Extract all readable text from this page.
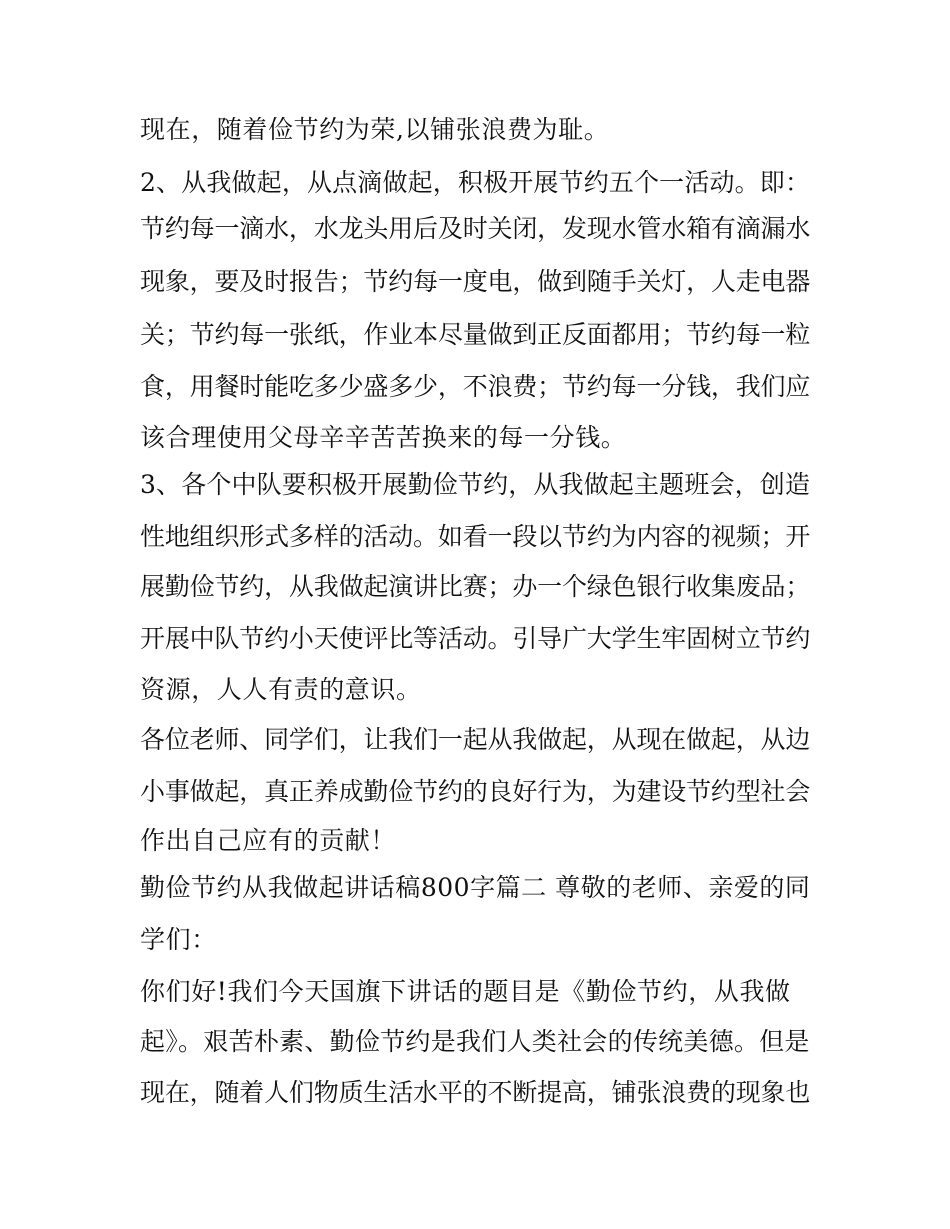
现在，随着俭节约为荣,以铺张浪费为耻。
2、从我做起，从点滴做起，积极开展节约五个一活动。即：
节约每一滴水，水龙头用后及时关闭，发现水管水箱有滴漏水
现象，要及时报告；节约每一度电，做到随手关灯，人走电器
关；节约每一张纸，作业本尽量做到正反面都用；节约每一粒
食，用餐时能吃多少盛多少，不浪费；节约每一分钱，我们应
该合理使用父母辛辛苦苦换来的每一分钱。
3、各个中队要积极开展勤俭节约，从我做起主题班会，创造
性地组织形式多样的活动。如看一段以节约为内容的视频；开
展勤俭节约，从我做起演讲比赛；办一个绿色银行收集废品；
开展中队节约小天使评比等活动。引导广大学生牢固树立节约
资源，人人有责的意识。
各位老师、同学们，让我们一起从我做起，从现在做起，从边
小事做起，真正养成勤俭节约的良好行为，为建设节约型社会
作出自己应有的贡献！
勤俭节约从我做起讲话稿800字篇二 尊敬的老师、亲爱的同
学们：
你们好!我们今天国旗下讲话的题目是《勤俭节约，从我做
起》。艰苦朴素、勤俭节约是我们人类社会的传统美德。但是
现在，随着人们物质生活水平的不断提高，铺张浪费的现象也
